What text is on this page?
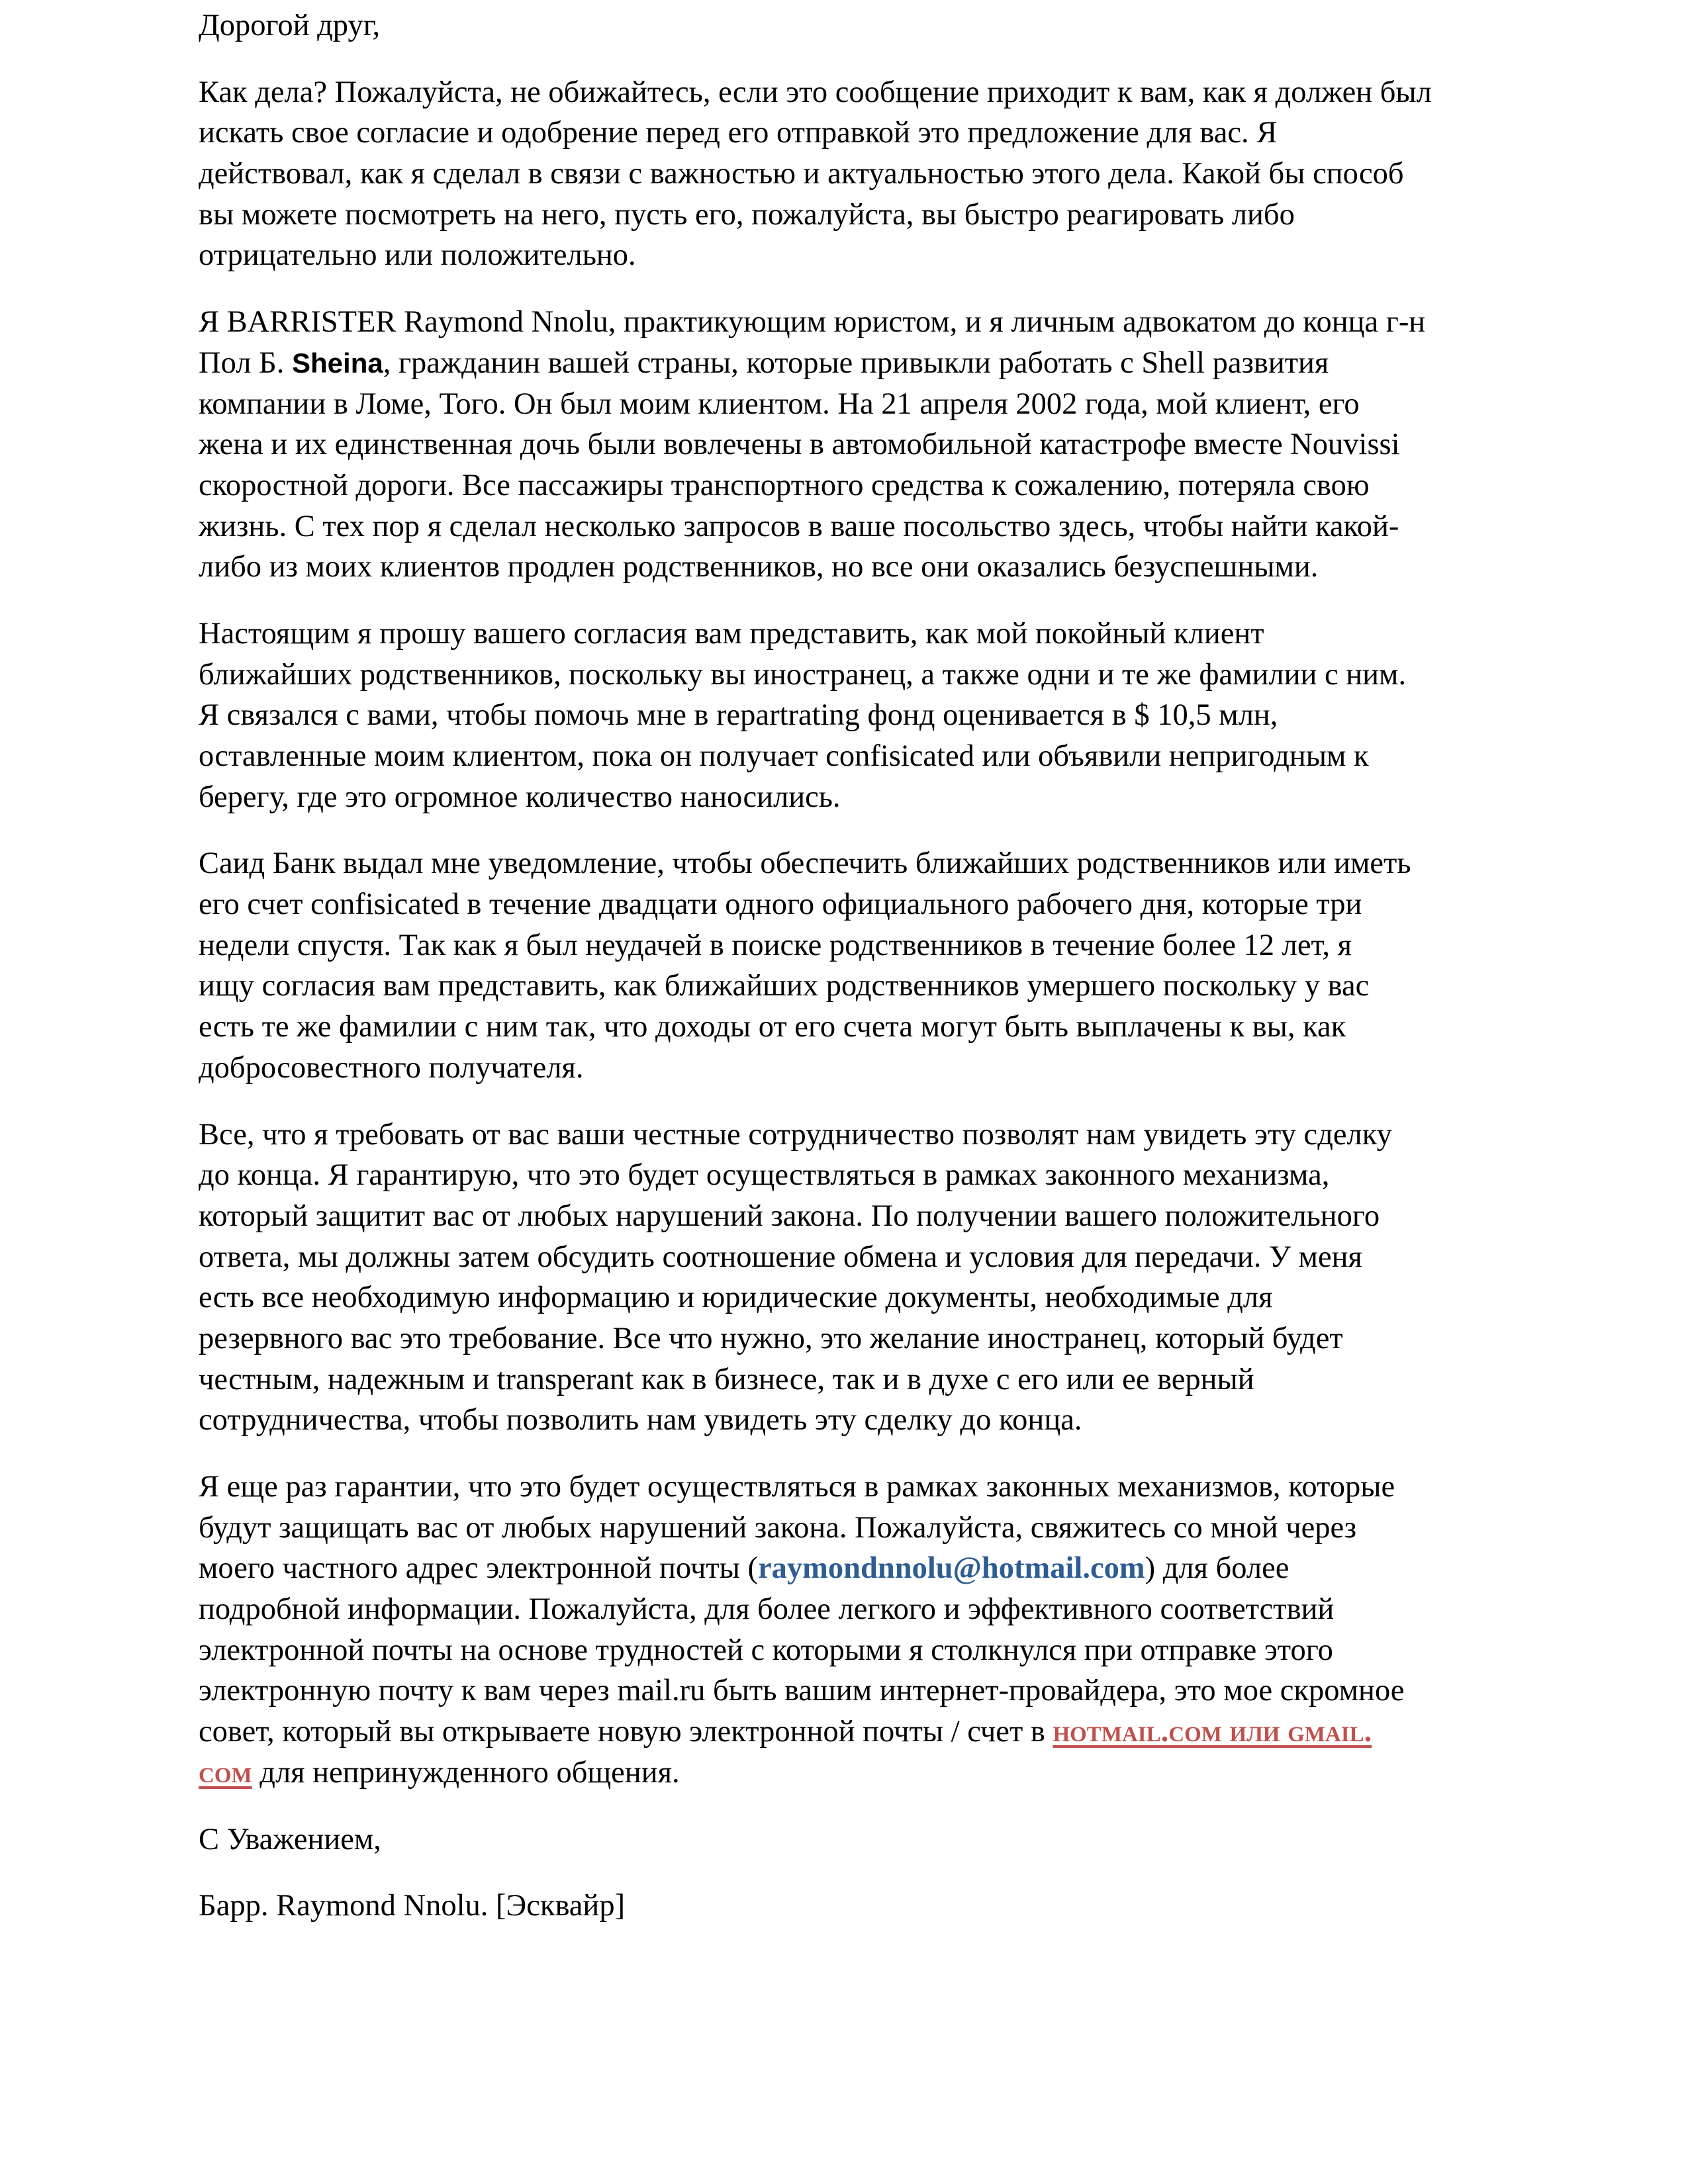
Дорогой друг,

Как дела? Пожалуйста, не обижайтесь, если это сообщение приходит к вам, как я должен был
искать свое согласие и одобрение перед его отправкой это предложение для вас. Я
действовал, как я сделал в связи с важностью и актуальностью этого дела. Какой бы способ
вы можете посмотреть на него, пусть его, пожалуйста, вы быстро реагировать либо
отрицательно или положительно.

Я BARRISTER Raymond Nnolu, практикующим юристом, и я личным адвокатом до конца г-н
Пол Б. Sheina, гражданин вашей страны, которые привыкли работать с Shell развития
компании в Ломе, Того. Он был моим клиентом. На 21 апреля 2002 года, мой клиент, его
жена и их единственная дочь были вовлечены в автомобильной катастрофе вместе Nouvissi
скоростной дороги. Все пассажиры транспортного средства к сожалению, потеряла свою
жизнь. С тех пор я сделал несколько запросов в ваше посольство здесь, чтобы найти какой-
либо из моих клиентов продлен родственников, но все они оказались безуспешными.

Настоящим я прошу вашего согласия вам представить, как мой покойный клиент
ближайших родственников, поскольку вы иностранец, а также одни и те же фамилии с ним.
Я связался с вами, чтобы помочь мне в repartrating фонд оценивается в $ 10,5 млн,
оставленные моим клиентом, пока он получает confisicated или объявили непригодным к
берегу, где это огромное количество наносились.

Саид Банк выдал мне уведомление, чтобы обеспечить ближайших родственников или иметь
его счет confisicated в течение двадцати одного официального рабочего дня, которые три
недели спустя. Так как я был неудачей в поиске родственников в течение более 12 лет, я
ищу согласия вам представить, как ближайших родственников умершего поскольку у вас
есть те же фамилии с ним так, что доходы от его счета могут быть выплачены к вы, как
добросовестного получателя.

Все, что я требовать от вас ваши честные сотрудничество позволят нам увидеть эту сделку
до конца. Я гарантирую, что это будет осуществляться в рамках законного механизма,
который защитит вас от любых нарушений закона. По получении вашего положительного
ответа, мы должны затем обсудить соотношение обмена и условия для передачи. У меня
есть все необходимую информацию и юридические документы, необходимые для
резервного вас это требование. Все что нужно, это желание иностранец, который будет
честным, надежным и transperant как в бизнесе, так и в духе с его или ее верный
сотрудничества, чтобы позволить нам увидеть эту сделку до конца.

Я еще раз гарантии, что это будет осуществляться в рамках законных механизмов, которые
будут защищать вас от любых нарушений закона. Пожалуйста, свяжитесь со мной через
моего частного адрес электронной почты (raymondnnolu@hotmail.com) для более
подробной информации. Пожалуйста, для более легкого и эффективного соответствий
электронной почты на основе трудностей с которыми я столкнулся при отправке этого
электронную почту к вам через mail.ru быть вашим интернет-провайдера, это мое скромное
совет, который вы открываете новую электронной почты / счет в hotmail.com или gmail.
com для непринужденного общения.

С Уважением,

Барр. Raymond Nnolu. [Эсквайр]
